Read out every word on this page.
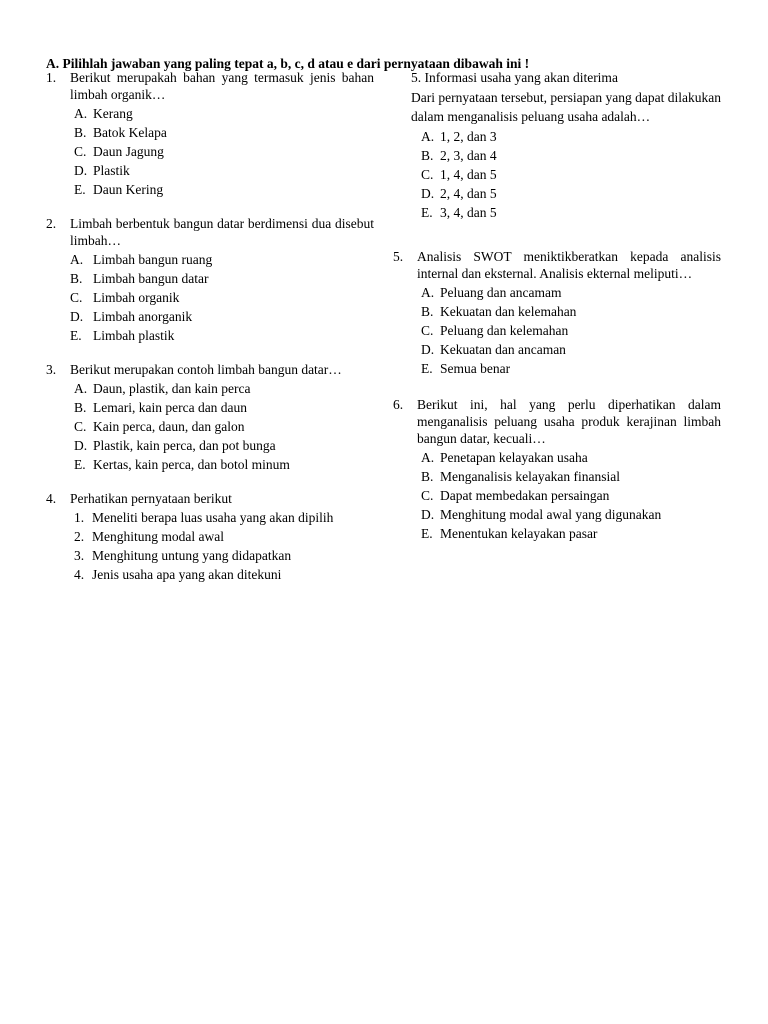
A. Pilihlah jawaban yang paling tepat a, b, c, d atau e dari pernyataan dibawah ini !
1.	Berikut merupakah bahan yang termasuk jenis bahan limbah organik…
A. Kerang
B. Batok Kelapa
C. Daun Jagung
D. Plastik
E. Daun Kering
2.	Limbah berbentuk bangun datar berdimensi dua disebut limbah…
A. Limbah bangun ruang
B. Limbah bangun datar
C. Limbah organik
D. Limbah anorganik
E. Limbah plastik
3.	Berikut merupakan contoh limbah bangun datar…
A. Daun, plastik, dan kain perca
B. Lemari, kain perca dan daun
C. Kain perca, daun, dan galon
D. Plastik, kain perca, dan pot bunga
E. Kertas, kain perca, dan botol minum
4.	Perhatikan pernyataan berikut
1. Meneliti berapa luas usaha yang akan dipilih
2. Menghitung modal awal
3. Menghitung untung yang didapatkan
4. Jenis usaha apa yang akan ditekuni
5. Informasi usaha yang akan diterima
Dari pernyataan tersebut, persiapan yang dapat dilakukan dalam menganalisis peluang usaha adalah…
A. 1, 2, dan 3
B. 2, 3, dan 4
C. 1, 4, dan 5
D. 2, 4, dan 5
E. 3, 4, dan 5
5.	Analisis SWOT meniktikberatkan kepada analisis internal dan eksternal. Analisis ekternal meliputi…
A. Peluang dan ancamam
B. Kekuatan dan kelemahan
C. Peluang dan kelemahan
D. Kekuatan dan ancaman
E. Semua benar
6.	Berikut ini, hal yang perlu diperhatikan dalam menganalisis peluang usaha produk kerajinan limbah bangun datar, kecuali…
A. Penetapan kelayakan usaha
B. Menganalisis kelayakan finansial
C. Dapat membedakan persaingan
D. Menghitung modal awal yang digunakan
E. Menentukan kelayakan pasar
